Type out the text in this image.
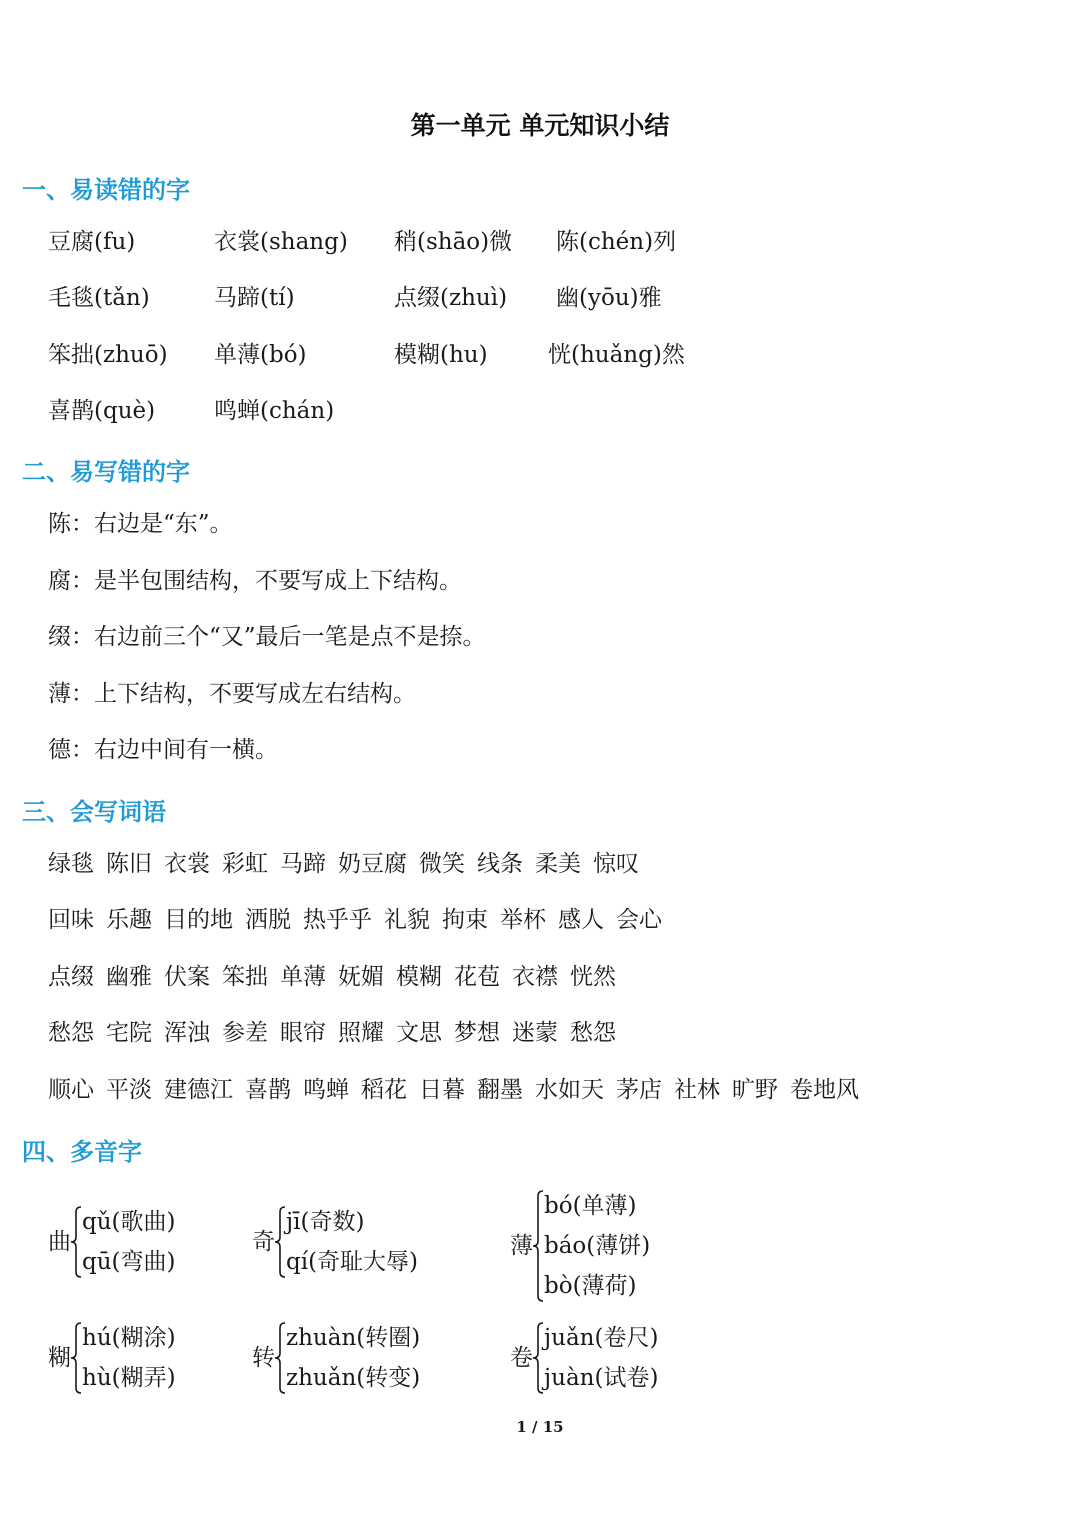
第一单元 单元知识小结
一、易读错的字
豆腐(fu)	衣裳(shang) 稍(shāo)微 陈(chén)列
毛毯(tǎn)	马蹄(tí)	点缀(zhuì) 幽(yōu)雅
笨拙(zhuō) 单薄(bó)	模糊(hu)	恍(huǎng)然
喜鹊(què)	鸣蝉(chán)
二、易写错的字
陈：右边是“东”。
腐：是半包围结构，不要写成上下结构。
缀：右边前三个“又”最后一笔是点不是捺。
薄：上下结构，不要写成左右结构。
德：右边中间有一横。
三、会写词语
绿毯 陈旧 衣裳 彩虹 马蹄 奶豆腐 微笑 线条 柔美 惊叹
回味 乐趣 目的地 洒脱 热乎乎 礼貌 拘束 举杯 感人 会心
点缀 幽雅 伏案 笨拙 单薄 妩媚 模糊 花苞 衣襟 恍然
愁怨 宅院 浑浊 参差 眼帘 照耀 文思 梦想 迷蒙 愁怨
顺心 平淡 建德江 喜鹊 鸣蝉 稻花 日暮 翻墨 水如天 茅店 社林 旷野 卷地风
四、多音字
曲
qǔ(歌曲)
qū(弯曲)
奇
jī(奇数)
qí(奇耻大辱)
薄
bó(单薄)
báo(薄饼)
bò(薄荷)
糊
hú(糊涂)
hù(糊弄)
转
zhuàn(转圈)
zhuǎn(转变)
卷
juǎn(卷尺)
juàn(试卷)
1 / 15
